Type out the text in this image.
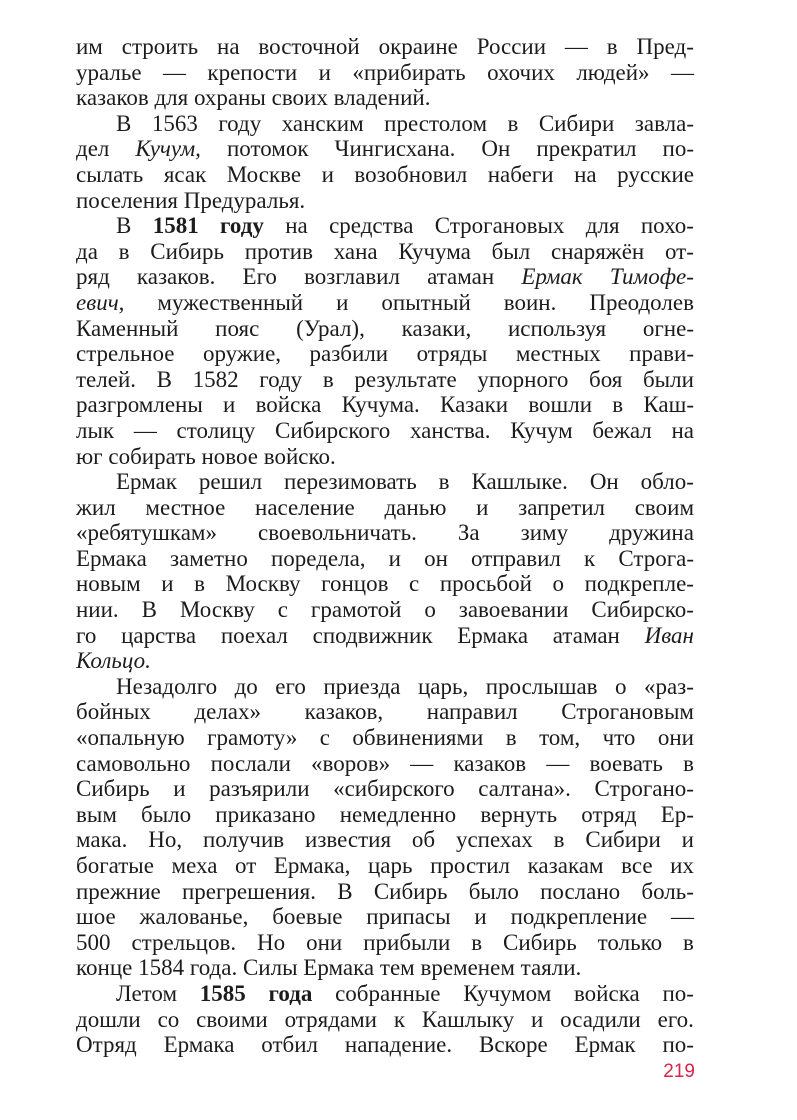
им строить на восточной окраине России — в Пред-
уралье — крепости и «прибирать охочих людей» —
казаков для охраны своих владений.
В 1563 году ханским престолом в Сибири завла-
дел Кучум, потомок Чингисхана. Он прекратил по-
сылать ясак Москве и возобновил набеги на русские
поселения Предуралья.
В 1581 году на средства Строгановых для похо-
да в Сибирь против хана Кучума был снаряжён от-
ряд казаков. Его возглавил атаман Ермак Тимофе-
евич, мужественный и опытный воин. Преодолев
Каменный пояс (Урал), казаки, используя огне-
стрельное оружие, разбили отряды местных прави-
телей. В 1582 году в результате упорного боя были
разгромлены и войска Кучума. Казаки вошли в Каш-
лык — столицу Сибирского ханства. Кучум бежал на
юг собирать новое войско.
Ермак решил перезимовать в Кашлыке. Он обло-
жил местное население данью и запретил своим
«ребятушкам» своевольничать. За зиму дружина
Ермака заметно поредела, и он отправил к Строга-
новым и в Москву гонцов с просьбой о подкрепле-
нии. В Москву с грамотой о завоевании Сибирско-
го царства поехал сподвижник Ермака атаман Иван
Кольцо.
Незадолго до его приезда царь, прослышав о «раз-
бойных делах» казаков, направил Строгановым
«опальную грамоту» с обвинениями в том, что они
самовольно послали «воров» — казаков — воевать в
Сибирь и разъярили «сибирского салтана». Строгано-
вым было приказано немедленно вернуть отряд Ер-
мака. Но, получив известия об успехах в Сибири и
богатые меха от Ермака, царь простил казакам все их
прежние прегрешения. В Сибирь было послано боль-
шое жалованье, боевые припасы и подкрепление —
500 стрельцов. Но они прибыли в Сибирь только в
конце 1584 года. Силы Ермака тем временем таяли.
Летом 1585 года собранные Кучумом войска по-
дошли со своими отрядами к Кашлыку и осадили его.
Отряд Ермака отбил нападение. Вскоре Ермак по-
219
